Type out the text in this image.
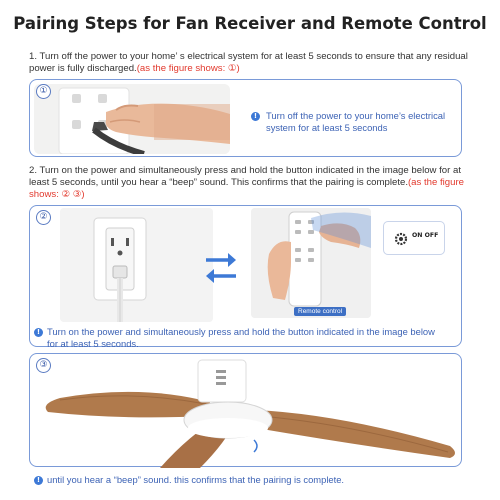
Pairing Steps for Fan Receiver and Remote Control
1. Turn off the power to your home’ s electrical system for at least 5 seconds to ensure that any residual power is fully discharged.(as the figure shows: ①)
①
! Turn off the power to your home’s electrical system for at least 5 seconds
2. Turn on the power and simultaneously press and hold the button indicated in the image below for at least 5 seconds, until you hear a “beep” sound. This confirms that the pairing is complete.(as the figure shows: ② ③)
②
Remote control
ON OFF
! Turn on the power and simultaneously press and hold the button indicated in the image below for at least 5 seconds.
③
! until you hear a “beep” sound. this confirms that the pairing is complete.
